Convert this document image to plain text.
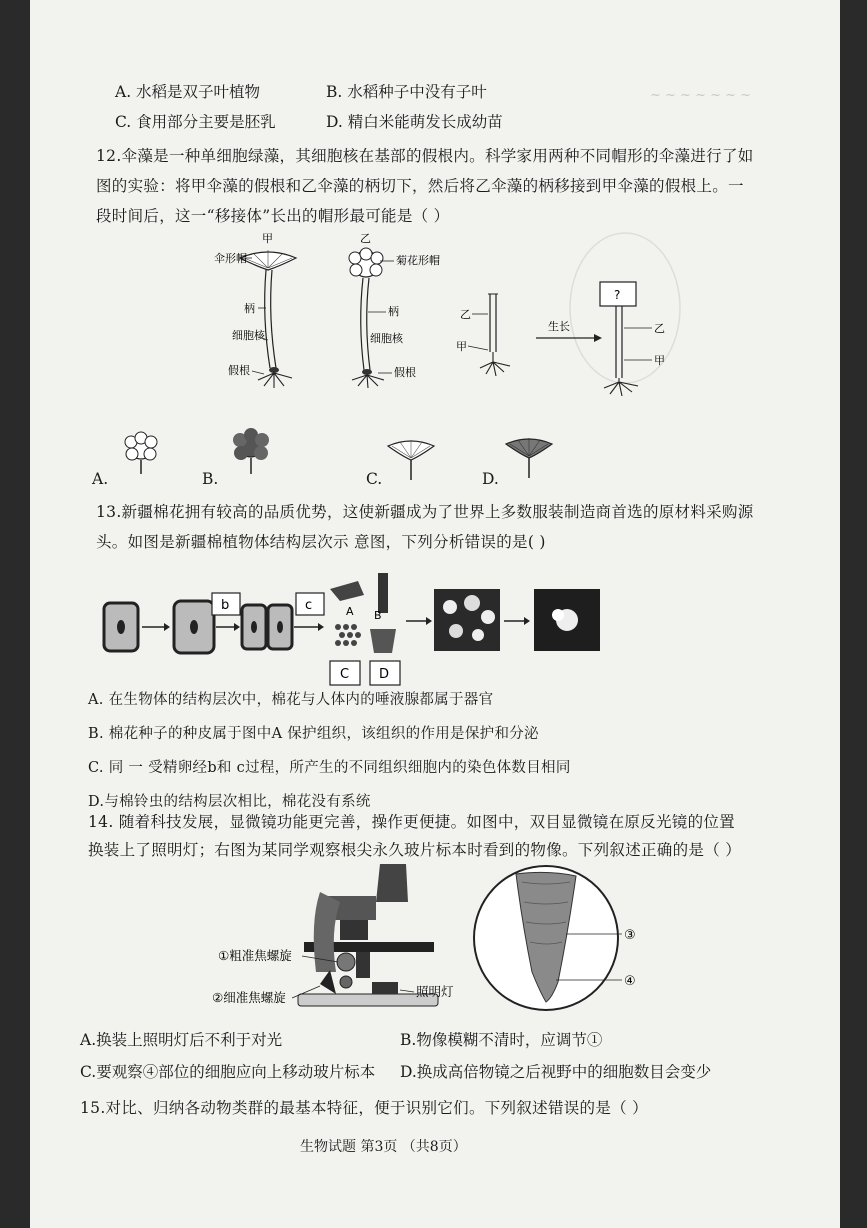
~ ~ ~ ~ ~ ~ ~
A. 水稻是双子叶植物	B. 水稻种子中没有子叶
C. 食用部分主要是胚乳	D. 精白米能萌发长成幼苗
12.伞藻是一种单细胞绿藻，其细胞核在基部的假根内。科学家用两种不同帽形的伞藻进行了如
图的实验：将甲伞藻的假根和乙伞藻的柄切下，然后将乙伞藻的柄移接到甲伞藻的假根上。一
段时间后，这一“移接体”长出的帽形最可能是（ ）
甲
伞形帽
柄
细胞核
假根
乙
菊花形帽
柄
细胞核
假根
乙
甲
生长
?
乙
甲
A.	B.	C.	D.
13.新疆棉花拥有较高的品质优势，这使新疆成为了世界上多数服装制造商首选的原材料采购源
头。如图是新疆棉植物体结构层次示 意图，下列分析错误的是( )
b	c	A
C
B
D
A. 在生物体的结构层次中，棉花与人体内的唾液腺都属于器官
B. 棉花种子的种皮属于图中A 保护组织，该组织的作用是保护和分泌
C. 同 一 受精卵经b和 c过程，所产生的不同组织细胞内的染色体数目相同
D.与棉铃虫的结构层次相比，棉花没有系统
14. 随着科技发展，显微镜功能更完善，操作更便捷。如图中，双目显微镜在原反光镜的位置
换装上了照明灯；右图为某同学观察根尖永久玻片标本时看到的物像。下列叙述正确的是（ ）
①粗准焦螺旋
②细准焦螺旋	照明灯
③
④
A.换装上照明灯后不利于对光	B.物像模糊不清时，应调节①
C.要观察④部位的细胞应向上移动玻片标本 D.换成高倍物镜之后视野中的细胞数目会变少
15.对比、归纳各动物类群的最基本特征，便于识别它们。下列叙述错误的是（ ）
生物试题 第3页 （共8页）
